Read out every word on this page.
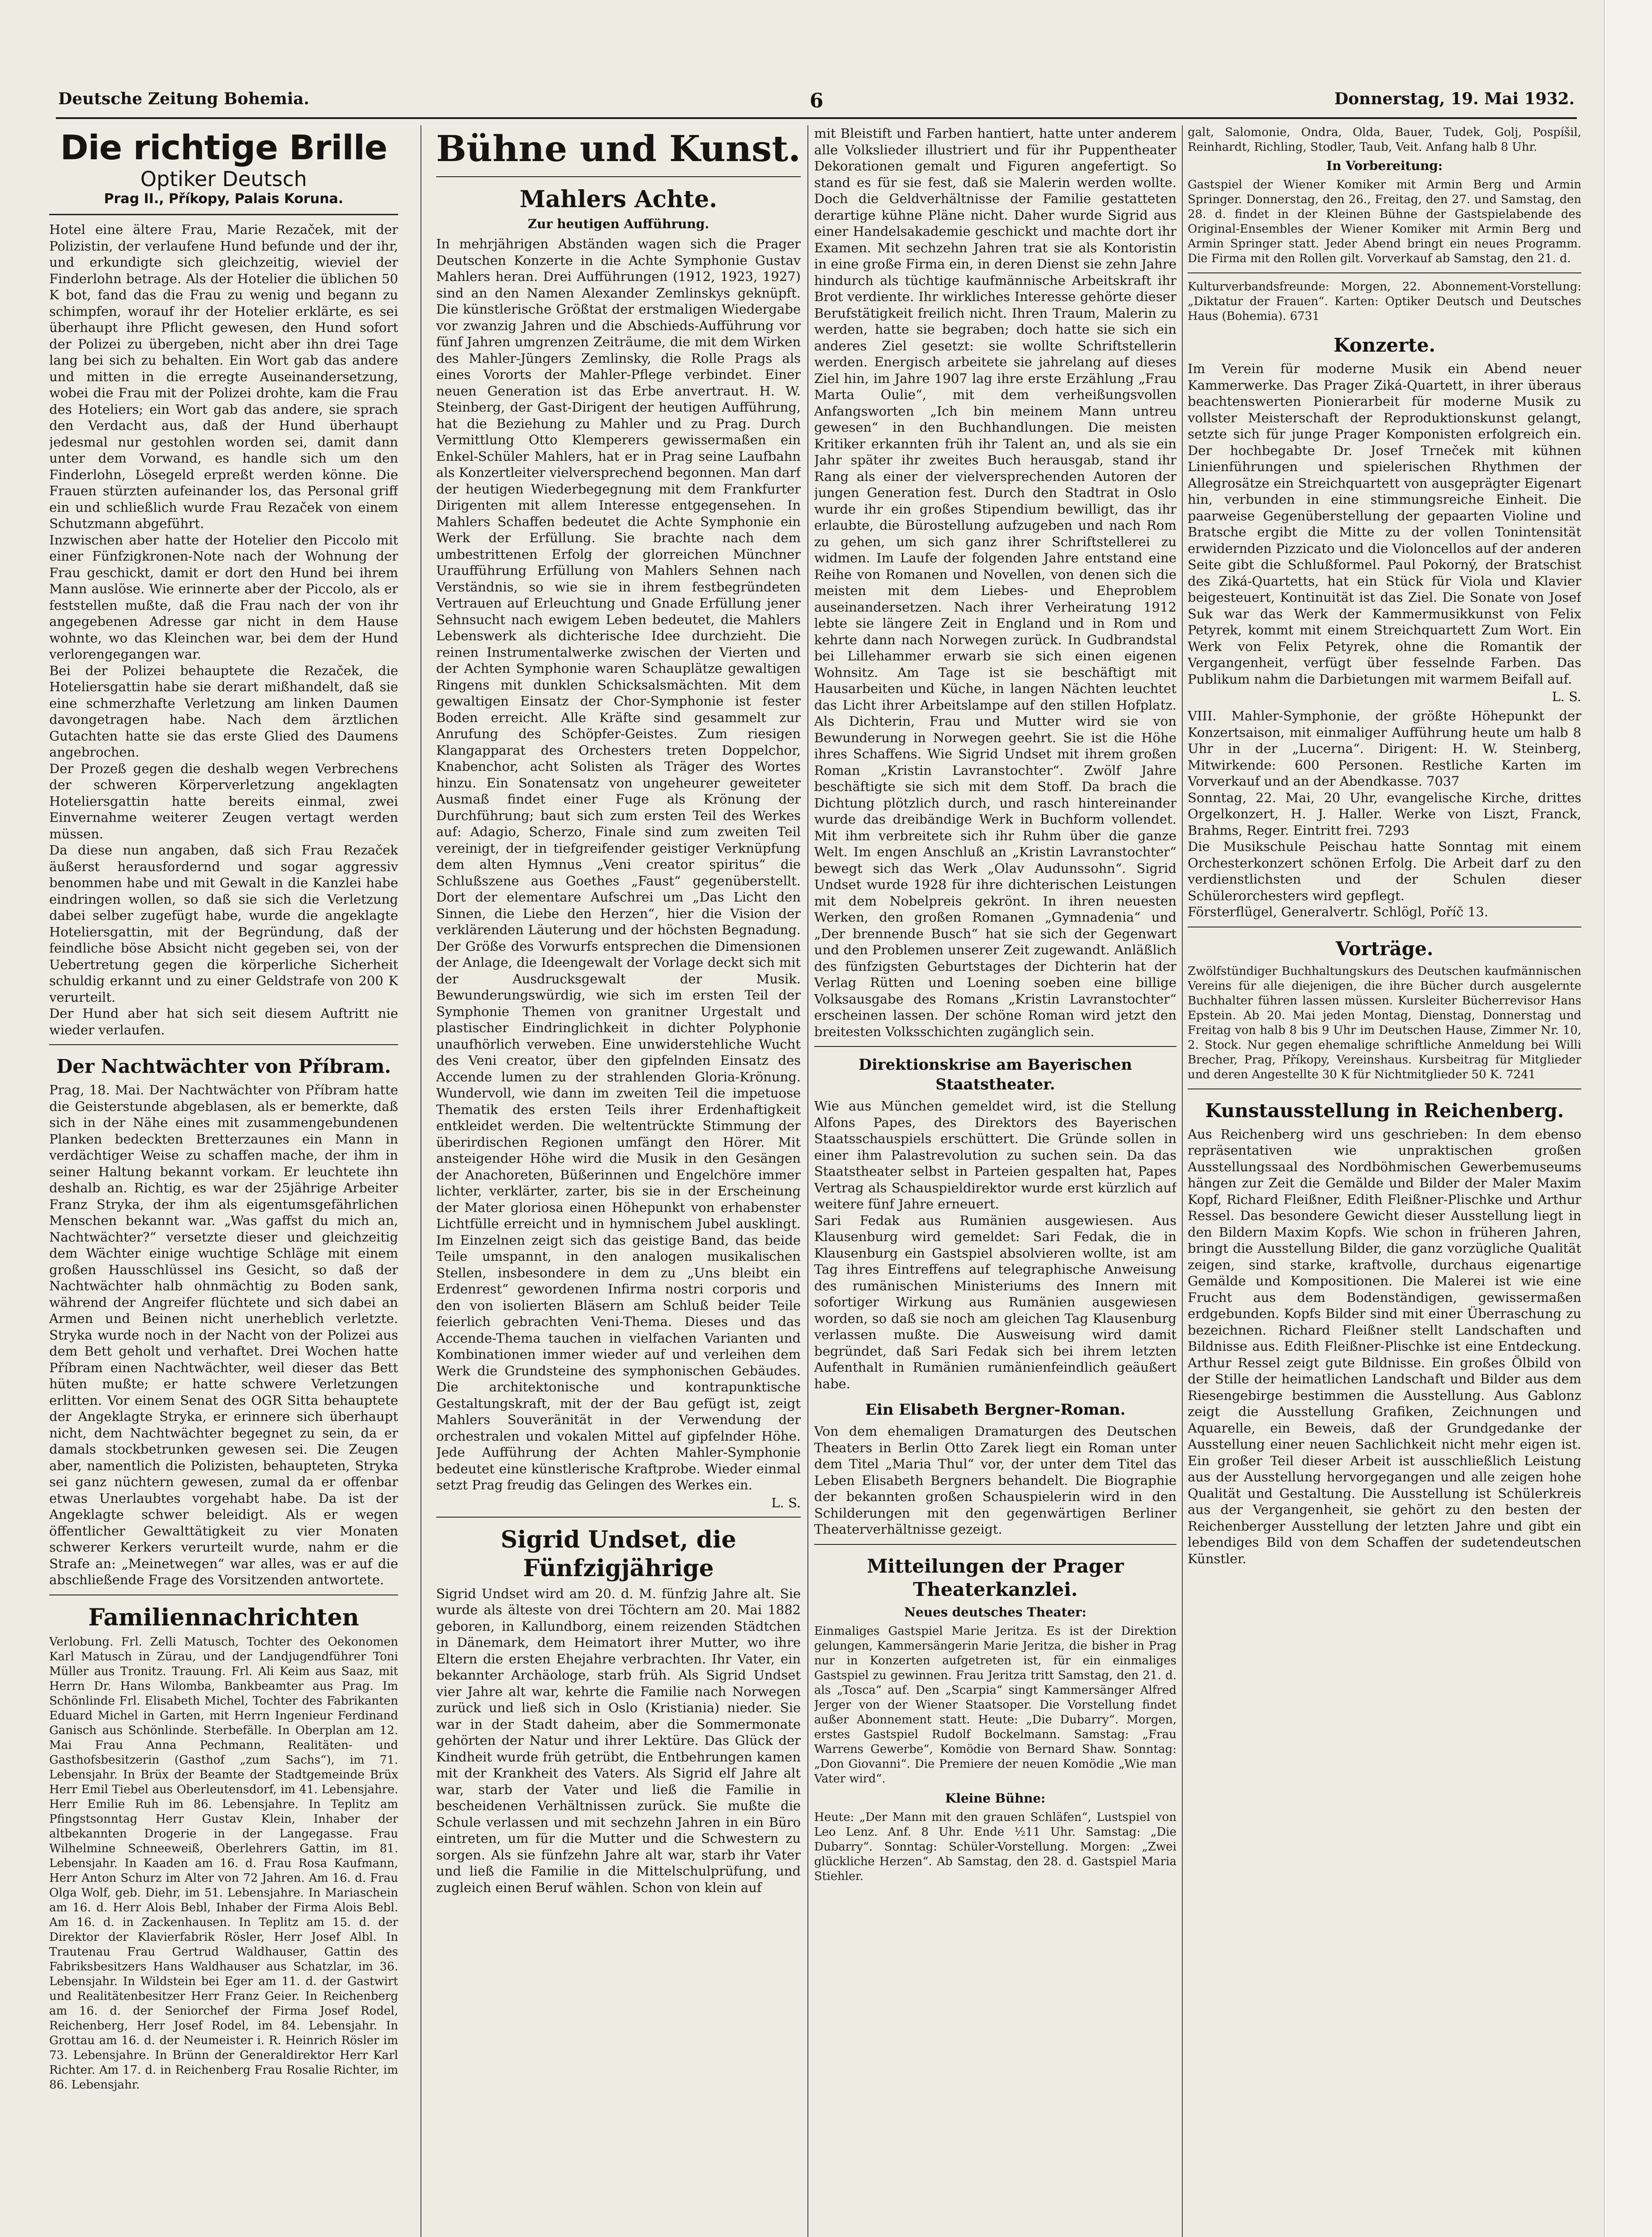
Deutsche Zeitung Bohemia.	6	Donnerstag, 19. Mai 1932.
Die richtige Brille
Optiker Deutsch
Prag II., Příkopy, Palais Koruna.

Hotel eine ältere Frau, Marie Rezaček, mit der Polizistin, der verlaufene Hund befunde und der ihr, und erkundigte sich gleichzeitig, wieviel der Finderlohn betrage. Als der Hotelier die üblichen 50 K bot, fand das die Frau zu wenig und begann zu schimpfen, worauf ihr der Hotelier erklärte, es sei überhaupt ihre Pflicht gewesen, den Hund sofort der Polizei zu übergeben, nicht aber ihn drei Tage lang bei sich zu behalten. Ein Wort gab das andere und mitten in die erregte Auseinandersetzung, wobei die Frau mit der Polizei drohte, kam die Frau des Hoteliers; ein Wort gab das andere, sie sprach den Verdacht aus, daß der Hund überhaupt jedesmal nur gestohlen worden sei, damit dann unter dem Vorwand, es handle sich um den Finderlohn, Lösegeld erpreßt werden könne. Die Frauen stürzten aufeinander los, das Personal griff ein und schließlich wurde Frau Rezaček von einem Schutzmann abgeführt.

Inzwischen aber hatte der Hotelier den Piccolo mit einer Fünfzigkronen-Note nach der Wohnung der Frau geschickt, damit er dort den Hund bei ihrem Mann auslöse. Wie erinnerte aber der Piccolo, als er feststellen mußte, daß die Frau nach der von ihr angegebenen Adresse gar nicht in dem Hause wohnte, wo das Kleinchen war, bei dem der Hund verlorengegangen war.

Bei der Polizei behauptete die Rezaček, die Hoteliersgattin habe sie derart mißhandelt, daß sie eine schmerzhafte Verletzung am linken Daumen davongetragen habe. Nach dem ärztlichen Gutachten hatte sie das erste Glied des Daumens angebrochen.

Der Prozeß gegen die deshalb wegen Verbrechens der schweren Körperverletzung angeklagten Hoteliersgattin hatte bereits einmal, zwei Einvernahme weiterer Zeugen vertagt werden müssen.

Da diese nun angaben, daß sich Frau Rezaček äußerst herausfordernd und sogar aggressiv benommen habe und mit Gewalt in die Kanzlei habe eindringen wollen, so daß sie sich die Verletzung dabei selber zugefügt habe, wurde die angeklagte Hoteliersgattin, mit der Begründung, daß der feindliche böse Absicht nicht gegeben sei, von der Uebertretung gegen die körperliche Sicherheit schuldig erkannt und zu einer Geldstrafe von 200 K verurteilt.

Der Hund aber hat sich seit diesem Auftritt nie wieder verlaufen.

Der Nachtwächter von Příbram.

Prag, 18. Mai. Der Nachtwächter von Příbram hatte die Geisterstunde abgeblasen, als er bemerkte, daß sich in der Nähe eines mit zusammengebundenen Planken bedeckten Bretterzaunes ein Mann in verdächtiger Weise zu schaffen mache, der ihm in seiner Haltung bekannt vorkam. Er leuchtete ihn deshalb an. Richtig, es war der 25jährige Arbeiter Franz Stryka, der ihm als eigentumsgefährlichen Menschen bekannt war. „Was gaffst du mich an, Nachtwächter?“ versetzte dieser und gleichzeitig dem Wächter einige wuchtige Schläge mit einem großen Hausschlüssel ins Gesicht, so daß der Nachtwächter halb ohnmächtig zu Boden sank, während der Angreifer flüchtete und sich dabei an Armen und Beinen nicht unerheblich verletzte. Stryka wurde noch in der Nacht von der Polizei aus dem Bett geholt und verhaftet. Drei Wochen hatte Příbram einen Nachtwächter, weil dieser das Bett hüten mußte; er hatte schwere Verletzungen erlitten. Vor einem Senat des OGR Sitta behauptete der Angeklagte Stryka, er erinnere sich überhaupt nicht, dem Nachtwächter begegnet zu sein, da er damals stockbetrunken gewesen sei. Die Zeugen aber, namentlich die Polizisten, behaupteten, Stryka sei ganz nüchtern gewesen, zumal da er offenbar etwas Unerlaubtes vorgehabt habe. Da ist der Angeklagte schwer beleidigt. Als er wegen öffentlicher Gewalttätigkeit zu vier Monaten schwerer Kerkers verurteilt wurde, nahm er die Strafe an: „Meinetwegen“ war alles, was er auf die abschließende Frage des Vorsitzenden antwortete.

Familiennachrichten

Verlobung. Frl. Zelli Matusch, Tochter des Oekonomen Karl Matusch in Zürau, und der Landjugendführer Toni Müller aus Tronitz. Trauung. Frl. Ali Keim aus Saaz, mit Herrn Dr. Hans Wilomba, Bankbeamter aus Prag. Im Schönlinde Frl. Elisabeth Michel, Tochter des Fabrikanten Eduard Michel in Garten, mit Herrn Ingenieur Ferdinand Ganisch aus Schönlinde. Sterbefälle. In Oberplan am 12. Mai Frau Anna Pechmann, Realitäten- und Gasthofsbesitzerin (Gasthof „zum Sachs“), im 71. Lebensjahr. In Brüx der Beamte der Stadtgemeinde Brüx Herr Emil Tiebel aus Oberleutensdorf, im 41. Lebensjahre. Herr Emilie Ruh im 86. Lebensjahre. In Teplitz am Pfingstsonntag Herr Gustav Klein, Inhaber der altbekannten Drogerie in der Langegasse. Frau Wilhelmine Schneeweiß, Oberlehrers Gattin, im 81. Lebensjahr. In Kaaden am 16. d. Frau Rosa Kaufmann, Herr Anton Schurz im Alter von 72 Jahren. Am 16. d. Frau Olga Wolf, geb. Diehr, im 51. Lebensjahre. In Mariaschein am 16. d. Herr Alois Bebl, Inhaber der Firma Alois Bebl. Am 16. d. in Zackenhausen. In Teplitz am 15. d. der Direktor der Klavierfabrik Rösler, Herr Josef Albl. In Trautenau Frau Gertrud Waldhauser, Gattin des Fabriksbesitzers Hans Waldhauser aus Schatzlar, im 36. Lebensjahr. In Wildstein bei Eger am 11. d. der Gastwirt und Realitätenbesitzer Herr Franz Geier. In Reichenberg am 16. d. der Seniorchef der Firma Josef Rodel, Reichenberg, Herr Josef Rodel, im 84. Lebensjahr. In Grottau am 16. d. der Neumeister i. R. Heinrich Rösler im 73. Lebensjahre. In Brünn der Generaldirektor Herr Karl Richter. Am 17. d. in Reichenberg Frau Rosalie Richter, im 86. Lebensjahr.

Bühne und Kunst.
Mahlers Achte.
Zur heutigen Aufführung.

In mehrjährigen Abständen wagen sich die Prager Deutschen Konzerte in die Achte Symphonie Gustav Mahlers heran. Drei Aufführungen (1912, 1923, 1927) sind an den Namen Alexander Zemlinskys geknüpft. Die künstlerische Größtat der erstmaligen Wiedergabe vor zwanzig Jahren und die Abschieds-Aufführung vor fünf Jahren umgrenzen Zeiträume, die mit dem Wirken des Mahler-Jüngers Zemlinsky, die Rolle Prags als eines Vororts der Mahler-Pflege verbindet. Einer neuen Generation ist das Erbe anvertraut. H. W. Steinberg, der Gast-Dirigent der heutigen Aufführung, hat die Beziehung zu Mahler und zu Prag. Durch Vermittlung Otto Klemperers gewissermaßen ein Enkel-Schüler Mahlers, hat er in Prag seine Laufbahn als Konzertleiter vielversprechend begonnen. Man darf der heutigen Wiederbegegnung mit dem Frankfurter Dirigenten mit allem Interesse entgegensehen. In Mahlers Schaffen bedeutet die Achte Symphonie ein Werk der Erfüllung. Sie brachte nach dem umbestrittenen Erfolg der glorreichen Münchner Uraufführung Erfüllung von Mahlers Sehnen nach Verständnis, so wie sie in ihrem festbegründeten Vertrauen auf Erleuchtung und Gnade Erfüllung jener Sehnsucht nach ewigem Leben bedeutet, die Mahlers Lebenswerk als dichterische Idee durchzieht. Die reinen Instrumentalwerke zwischen der Vierten und der Achten Symphonie waren Schauplätze gewaltigen Ringens mit dunklen Schicksalsmächten. Mit dem gewaltigen Einsatz der Chor-Symphonie ist fester Boden erreicht. Alle Kräfte sind gesammelt zur Anrufung des Schöpfer-Geistes. Zum riesigen Klangapparat des Orchesters treten Doppelchor, Knabenchor, acht Solisten als Träger des Wortes hinzu. Ein Sonatensatz von ungeheurer geweiteter Ausmaß findet einer Fuge als Krönung der Durchführung; baut sich zum ersten Teil des Werkes auf: Adagio, Scherzo, Finale sind zum zweiten Teil vereinigt, der in tiefgreifender geistiger Verknüpfung dem alten Hymnus „Veni creator spiritus“ die Schlußszene aus Goethes „Faust“ gegenüberstellt. Dort der elementare Aufschrei um „Das Licht den Sinnen, die Liebe den Herzen“, hier die Vision der verklärenden Läuterung und der höchsten Begnadung. Der Größe des Vorwurfs entsprechen die Dimensionen der Anlage, die Ideengewalt der Vorlage deckt sich mit der Ausdrucksgewalt der Musik. Bewunderungswürdig, wie sich im ersten Teil der Symphonie Themen von granitner Urgestalt und plastischer Eindringlichkeit in dichter Polyphonie unaufhörlich verweben. Eine unwiderstehliche Wucht des Veni creator, über den gipfelnden Einsatz des Accende lumen zu der strahlenden Gloria-Krönung. Wundervoll, wie dann im zweiten Teil die impetuose Thematik des ersten Teils ihrer Erdenhaftigkeit entkleidet werden. Die weltentrückte Stimmung der überirdischen Regionen umfängt den Hörer. Mit ansteigender Höhe wird die Musik in den Gesängen der Anachoreten, Büßerinnen und Engelchöre immer lichter, verklärter, zarter, bis sie in der Erscheinung der Mater gloriosa einen Höhepunkt von erhabenster Lichtfülle erreicht und in hymnischem Jubel ausklingt. Im Einzelnen zeigt sich das geistige Band, das beide Teile umspannt, in den analogen musikalischen Stellen, insbesondere in dem zu „Uns bleibt ein Erdenrest“ gewordenen Infirma nostri corporis und den von isolierten Bläsern am Schluß beider Teile feierlich gebrachten Veni-Thema. Dieses und das Accende-Thema tauchen in vielfachen Varianten und Kombinationen immer wieder auf und verleihen dem Werk die Grundsteine des symphonischen Gebäudes. Die architektonische und kontrapunktische Gestaltungskraft, mit der der Bau gefügt ist, zeigt Mahlers Souveränität in der Verwendung der orchestralen und vokalen Mittel auf gipfelnder Höhe. Jede Aufführung der Achten Mahler-Symphonie bedeutet eine künstlerische Kraftprobe. Wieder einmal setzt Prag freudig das Gelingen des Werkes ein.

L. S.
Sigrid Undset, die Fünfzigjährige

Sigrid Undset wird am 20. d. M. fünfzig Jahre alt. Sie wurde als älteste von drei Töchtern am 20. Mai 1882 geboren, in Kallundborg, einem reizenden Städtchen in Dänemark, dem Heimatort ihrer Mutter, wo ihre Eltern die ersten Ehejahre verbrachten. Ihr Vater, ein bekannter Archäologe, starb früh. Als Sigrid Undset vier Jahre alt war, kehrte die Familie nach Norwegen zurück und ließ sich in Oslo (Kristiania) nieder. Sie war in der Stadt daheim, aber die Sommermonate gehörten der Natur und ihrer Lektüre. Das Glück der Kindheit wurde früh getrübt, die Entbehrungen kamen mit der Krankheit des Vaters. Als Sigrid elf Jahre alt war, starb der Vater und ließ die Familie in bescheidenen Verhältnissen zurück. Sie mußte die Schule verlassen und mit sechzehn Jahren in ein Büro eintreten, um für die Mutter und die Schwestern zu sorgen. Als sie fünfzehn Jahre alt war, starb ihr Vater und ließ die Familie in die Mittelschulprüfung, und zugleich einen Beruf wählen. Schon von klein auf

mit Bleistift und Farben hantiert, hatte unter anderem alle Volkslieder illustriert und für ihr Puppentheater Dekorationen gemalt und Figuren angefertigt. So stand es für sie fest, daß sie Malerin werden wollte. Doch die Geldverhältnisse der Familie gestatteten derartige kühne Pläne nicht. Daher wurde Sigrid aus einer Handelsakademie geschickt und machte dort ihr Examen. Mit sechzehn Jahren trat sie als Kontoristin in eine große Firma ein, in deren Dienst sie zehn Jahre hindurch als tüchtige kaufmännische Arbeitskraft ihr Brot verdiente. Ihr wirkliches Interesse gehörte dieser Berufstätigkeit freilich nicht. Ihren Traum, Malerin zu werden, hatte sie begraben; doch hatte sie sich ein anderes Ziel gesetzt: sie wollte Schriftstellerin werden. Energisch arbeitete sie jahrelang auf dieses Ziel hin, im Jahre 1907 lag ihre erste Erzählung „Frau Marta Oulie“, mit dem verheißungsvollen Anfangsworten „Ich bin meinem Mann untreu gewesen“ in den Buchhandlungen. Die meisten Kritiker erkannten früh ihr Talent an, und als sie ein Jahr später ihr zweites Buch herausgab, stand ihr Rang als einer der vielversprechenden Autoren der jungen Generation fest. Durch den Stadtrat in Oslo wurde ihr ein großes Stipendium bewilligt, das ihr erlaubte, die Bürostellung aufzugeben und nach Rom zu gehen, um sich ganz ihrer Schriftstellerei zu widmen. Im Laufe der folgenden Jahre entstand eine Reihe von Romanen und Novellen, von denen sich die meisten mit dem Liebes- und Eheproblem auseinandersetzen. Nach ihrer Verheiratung 1912 lebte sie längere Zeit in England und in Rom und kehrte dann nach Norwegen zurück. In Gudbrandstal bei Lillehammer erwarb sie sich einen eigenen Wohnsitz. Am Tage ist sie beschäftigt mit Hausarbeiten und Küche, in langen Nächten leuchtet das Licht ihrer Arbeitslampe auf den stillen Hofplatz. Als Dichterin, Frau und Mutter wird sie von Bewunderung in Norwegen geehrt. Sie ist die Höhe ihres Schaffens. Wie Sigrid Undset mit ihrem großen Roman „Kristin Lavranstochter“. Zwölf Jahre beschäftigte sie sich mit dem Stoff. Da brach die Dichtung plötzlich durch, und rasch hintereinander wurde das dreibändige Werk in Buchform vollendet. Mit ihm verbreitete sich ihr Ruhm über die ganze Welt. Im engen Anschluß an „Kristin Lavranstochter“ bewegt sich das Werk „Olav Audunssohn“. Sigrid Undset wurde 1928 für ihre dichterischen Leistungen mit dem Nobelpreis gekrönt. In ihren neuesten Werken, den großen Romanen „Gymnadenia“ und „Der brennende Busch“ hat sie sich der Gegenwart und den Problemen unserer Zeit zugewandt. Anläßlich des fünfzigsten Geburtstages der Dichterin hat der Verlag Rütten und Loening soeben eine billige Volksausgabe des Romans „Kristin Lavranstochter“ erscheinen lassen. Der schöne Roman wird jetzt den breitesten Volksschichten zugänglich sein.

Direktionskrise am Bayerischen Staatstheater.

Wie aus München gemeldet wird, ist die Stellung Alfons Papes, des Direktors des Bayerischen Staatsschauspiels erschüttert. Die Gründe sollen in einer ihm Palastrevolution zu suchen sein. Da das Staatstheater selbst in Parteien gespalten hat, Papes Vertrag als Schauspieldirektor wurde erst kürzlich auf weitere fünf Jahre erneuert.

Sari Fedak aus Rumänien ausgewiesen. Aus Klausenburg wird gemeldet: Sari Fedak, die in Klausenburg ein Gastspiel absolvieren wollte, ist am Tag ihres Eintreffens auf telegraphische Anweisung des rumänischen Ministeriums des Innern mit sofortiger Wirkung aus Rumänien ausgewiesen worden, so daß sie noch am gleichen Tag Klausenburg verlassen mußte. Die Ausweisung wird damit begründet, daß Sari Fedak sich bei ihrem letzten Aufenthalt in Rumänien rumänienfeindlich geäußert habe.

Ein Elisabeth Bergner-Roman.

Von dem ehemaligen Dramaturgen des Deutschen Theaters in Berlin Otto Zarek liegt ein Roman unter dem Titel „Maria Thul“ vor, der unter dem Titel das Leben Elisabeth Bergners behandelt. Die Biographie der bekannten großen Schauspielerin wird in den Schilderungen mit den gegenwärtigen Berliner Theaterverhältnisse gezeigt.

Mitteilungen der Prager Theaterkanzlei.
Neues deutsches Theater:

Einmaliges Gastspiel Marie Jeritza. Es ist der Direktion gelungen, Kammersängerin Marie Jeritza, die bisher in Prag nur in Konzerten aufgetreten ist, für ein einmaliges Gastspiel zu gewinnen. Frau Jeritza tritt Samstag, den 21. d. als „Tosca“ auf. Den „Scarpia“ singt Kammersänger Alfred Jerger von der Wiener Staatsoper. Die Vorstellung findet außer Abonnement statt. Heute: „Die Dubarry“. Morgen, erstes Gastspiel Rudolf Bockelmann. Samstag: „Frau Warrens Gewerbe“, Komödie von Bernard Shaw. Sonntag: „Don Giovanni“. Die Premiere der neuen Komödie „Wie man Vater wird“.

Kleine Bühne:

Heute: „Der Mann mit den grauen Schläfen“, Lustspiel von Leo Lenz. Anf. 8 Uhr. Ende ½11 Uhr. Samstag: „Die Dubarry“. Sonntag: Schüler-Vorstellung. Morgen: „Zwei glückliche Herzen“. Ab Samstag, den 28. d. Gastspiel Maria Stiehler.

galt, Salomonie, Ondra, Olda, Bauer, Tudek, Golj, Pospíšil, Reinhardt, Richling, Stodler, Taub, Veit. Anfang halb 8 Uhr.

In Vorbereitung:

Gastspiel der Wiener Komiker mit Armin Berg und Armin Springer. Donnerstag, den 26., Freitag, den 27. und Samstag, den 28. d. findet in der Kleinen Bühne der Gastspielabende des Original-Ensembles der Wiener Komiker mit Armin Berg und Armin Springer statt. Jeder Abend bringt ein neues Programm. Die Firma mit den Rollen gilt. Vorverkauf ab Samstag, den 21. d.

Kulturverbandsfreunde: Morgen, 22. Abonnement-Vorstellung: „Diktatur der Frauen“. Karten: Optiker Deutsch und Deutsches Haus (Bohemia). 6731

Konzerte.

Im Verein für moderne Musik ein Abend neuer Kammerwerke. Das Prager Ziká-Quartett, in ihrer überaus beachtenswerten Pionierarbeit für moderne Musik zu vollster Meisterschaft der Reproduktionskunst gelangt, setzte sich für junge Prager Komponisten erfolgreich ein. Der hochbegabte Dr. Josef Trneček mit kühnen Linienführungen und spielerischen Rhythmen der Allegrosätze ein Streichquartett von ausgeprägter Eigenart hin, verbunden in eine stimmungsreiche Einheit. Die paarweise Gegenüberstellung der gepaarten Violine und Bratsche ergibt die Mitte zu der vollen Tonintensität erwidernden Pizzicato und die Violoncellos auf der anderen Seite gibt die Schlußformel. Paul Pokorný, der Bratschist des Ziká-Quartetts, hat ein Stück für Viola und Klavier beigesteuert, Kontinuität ist das Ziel. Die Sonate von Josef Suk war das Werk der Kammermusikkunst von Felix Petyrek, kommt mit einem Streichquartett Zum Wort. Ein Werk von Felix Petyrek, ohne die Romantik der Vergangenheit, verfügt über fesselnde Farben. Das Publikum nahm die Darbietungen mit warmem Beifall auf.

L. S.

VIII. Mahler-Symphonie, der größte Höhepunkt der Konzertsaison, mit einmaliger Aufführung heute um halb 8 Uhr in der „Lucerna“. Dirigent: H. W. Steinberg, Mitwirkende: 600 Personen. Restliche Karten im Vorverkauf und an der Abendkasse. 7037

Sonntag, 22. Mai, 20 Uhr, evangelische Kirche, drittes Orgelkonzert, H. J. Haller. Werke von Liszt, Franck, Brahms, Reger. Eintritt frei. 7293

Die Musikschule Peischau hatte Sonntag mit einem Orchesterkonzert schönen Erfolg. Die Arbeit darf zu den verdienstlichsten und der Schulen dieser Schülerorchesters wird gepflegt.

Försterflügel, Generalvertr. Schlögl, Poříč 13.

Vorträge.

Zwölfstündiger Buchhaltungskurs des Deutschen kaufmännischen Vereins für alle diejenigen, die ihre Bücher durch ausgelernte Buchhalter führen lassen müssen. Kursleiter Bücherrevisor Hans Epstein. Ab 20. Mai jeden Montag, Dienstag, Donnerstag und Freitag von halb 8 bis 9 Uhr im Deutschen Hause, Zimmer Nr. 10, 2. Stock. Nur gegen ehemalige schriftliche Anmeldung bei Willi Brecher, Prag, Příkopy, Vereinshaus. Kursbeitrag für Mitglieder und deren Angestellte 30 K für Nichtmitglieder 50 K. 7241

Kunstausstellung in Reichenberg.

Aus Reichenberg wird uns geschrieben: In dem ebenso repräsentativen wie unpraktischen großen Ausstellungssaal des Nordböhmischen Gewerbemuseums hängen zur Zeit die Gemälde und Bilder der Maler Maxim Kopf, Richard Fleißner, Edith Fleißner-Plischke und Arthur Ressel. Das besondere Gewicht dieser Ausstellung liegt in den Bildern Maxim Kopfs. Wie schon in früheren Jahren, bringt die Ausstellung Bilder, die ganz vorzügliche Qualität zeigen, sind starke, kraftvolle, durchaus eigenartige Gemälde und Kompositionen. Die Malerei ist wie eine Frucht aus dem Bodenständigen, gewissermaßen erdgebunden. Kopfs Bilder sind mit einer Überraschung zu bezeichnen. Richard Fleißner stellt Landschaften und Bildnisse aus. Edith Fleißner-Plischke ist eine Entdeckung. Arthur Ressel zeigt gute Bildnisse. Ein großes Ölbild von der Stille der heimatlichen Landschaft und Bilder aus dem Riesengebirge bestimmen die Ausstellung. Aus Gablonz zeigt die Ausstellung Grafiken, Zeichnungen und Aquarelle, ein Beweis, daß der Grundgedanke der Ausstellung einer neuen Sachlichkeit nicht mehr eigen ist. Ein großer Teil dieser Arbeit ist ausschließlich Leistung aus der Ausstellung hervorgegangen und alle zeigen hohe Qualität und Gestaltung. Die Ausstellung ist Schülerkreis aus der Vergangenheit, sie gehört zu den besten der Reichenberger Ausstellung der letzten Jahre und gibt ein lebendiges Bild von dem Schaffen der sudetendeutschen Künstler.
